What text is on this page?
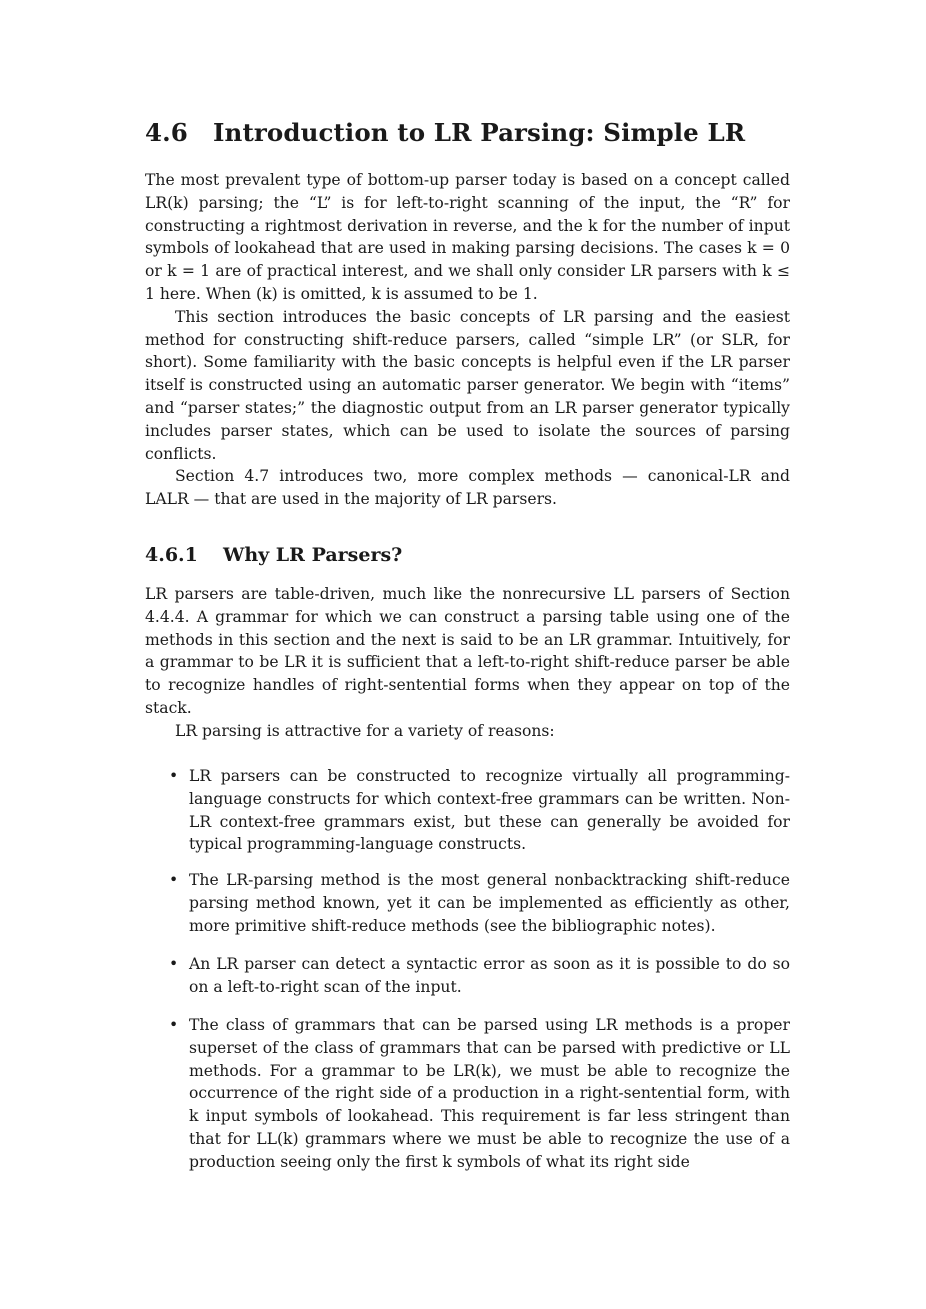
4.6 Introduction to LR Parsing: Simple LR

The most prevalent type of bottom-up parser today is based on a concept called LR(k) parsing; the “L” is for left-to-right scanning of the input, the “R” for constructing a rightmost derivation in reverse, and the k for the number of input symbols of lookahead that are used in making parsing decisions. The cases k = 0 or k = 1 are of practical interest, and we shall only consider LR parsers with k ≤ 1 here. When (k) is omitted, k is assumed to be 1.

This section introduces the basic concepts of LR parsing and the easiest method for constructing shift-reduce parsers, called “simple LR” (or SLR, for short). Some familiarity with the basic concepts is helpful even if the LR parser itself is constructed using an automatic parser generator. We begin with “items” and “parser states;” the diagnostic output from an LR parser generator typically includes parser states, which can be used to isolate the sources of parsing conflicts.

Section 4.7 introduces two, more complex methods — canonical-LR and LALR — that are used in the majority of LR parsers.

4.6.1 Why LR Parsers?

LR parsers are table-driven, much like the nonrecursive LL parsers of Section 4.4.4. A grammar for which we can construct a parsing table using one of the methods in this section and the next is said to be an LR grammar. Intuitively, for a grammar to be LR it is sufficient that a left-to-right shift-reduce parser be able to recognize handles of right-sentential forms when they appear on top of the stack.

LR parsing is attractive for a variety of reasons:

• LR parsers can be constructed to recognize virtually all programming-language constructs for which context-free grammars can be written. Non-LR context-free grammars exist, but these can generally be avoided for typical programming-language constructs.

• The LR-parsing method is the most general nonbacktracking shift-reduce parsing method known, yet it can be implemented as efficiently as other, more primitive shift-reduce methods (see the bibliographic notes).

• An LR parser can detect a syntactic error as soon as it is possible to do so on a left-to-right scan of the input.

• The class of grammars that can be parsed using LR methods is a proper superset of the class of grammars that can be parsed with predictive or LL methods. For a grammar to be LR(k), we must be able to recognize the occurrence of the right side of a production in a right-sentential form, with k input symbols of lookahead. This requirement is far less stringent than that for LL(k) grammars where we must be able to recognize the use of a production seeing only the first k symbols of what its right side
